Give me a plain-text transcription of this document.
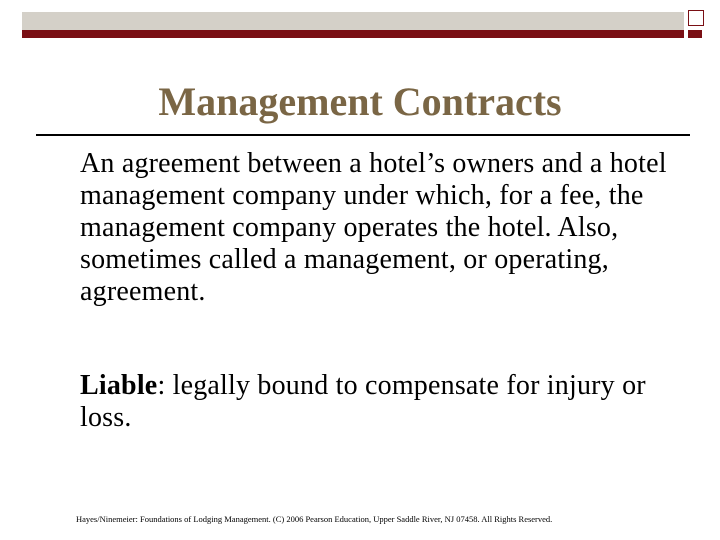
Management Contracts

An agreement between a hotel’s owners and a hotel management company under which, for a fee, the management company operates the hotel. Also, sometimes called a management, or operating, agreement.

Liable: legally bound to compensate for injury or loss.

Hayes/Ninemeier: Foundations of Lodging Management. (C) 2006 Pearson Education, Upper Saddle River, NJ 07458. All Rights Reserved.
